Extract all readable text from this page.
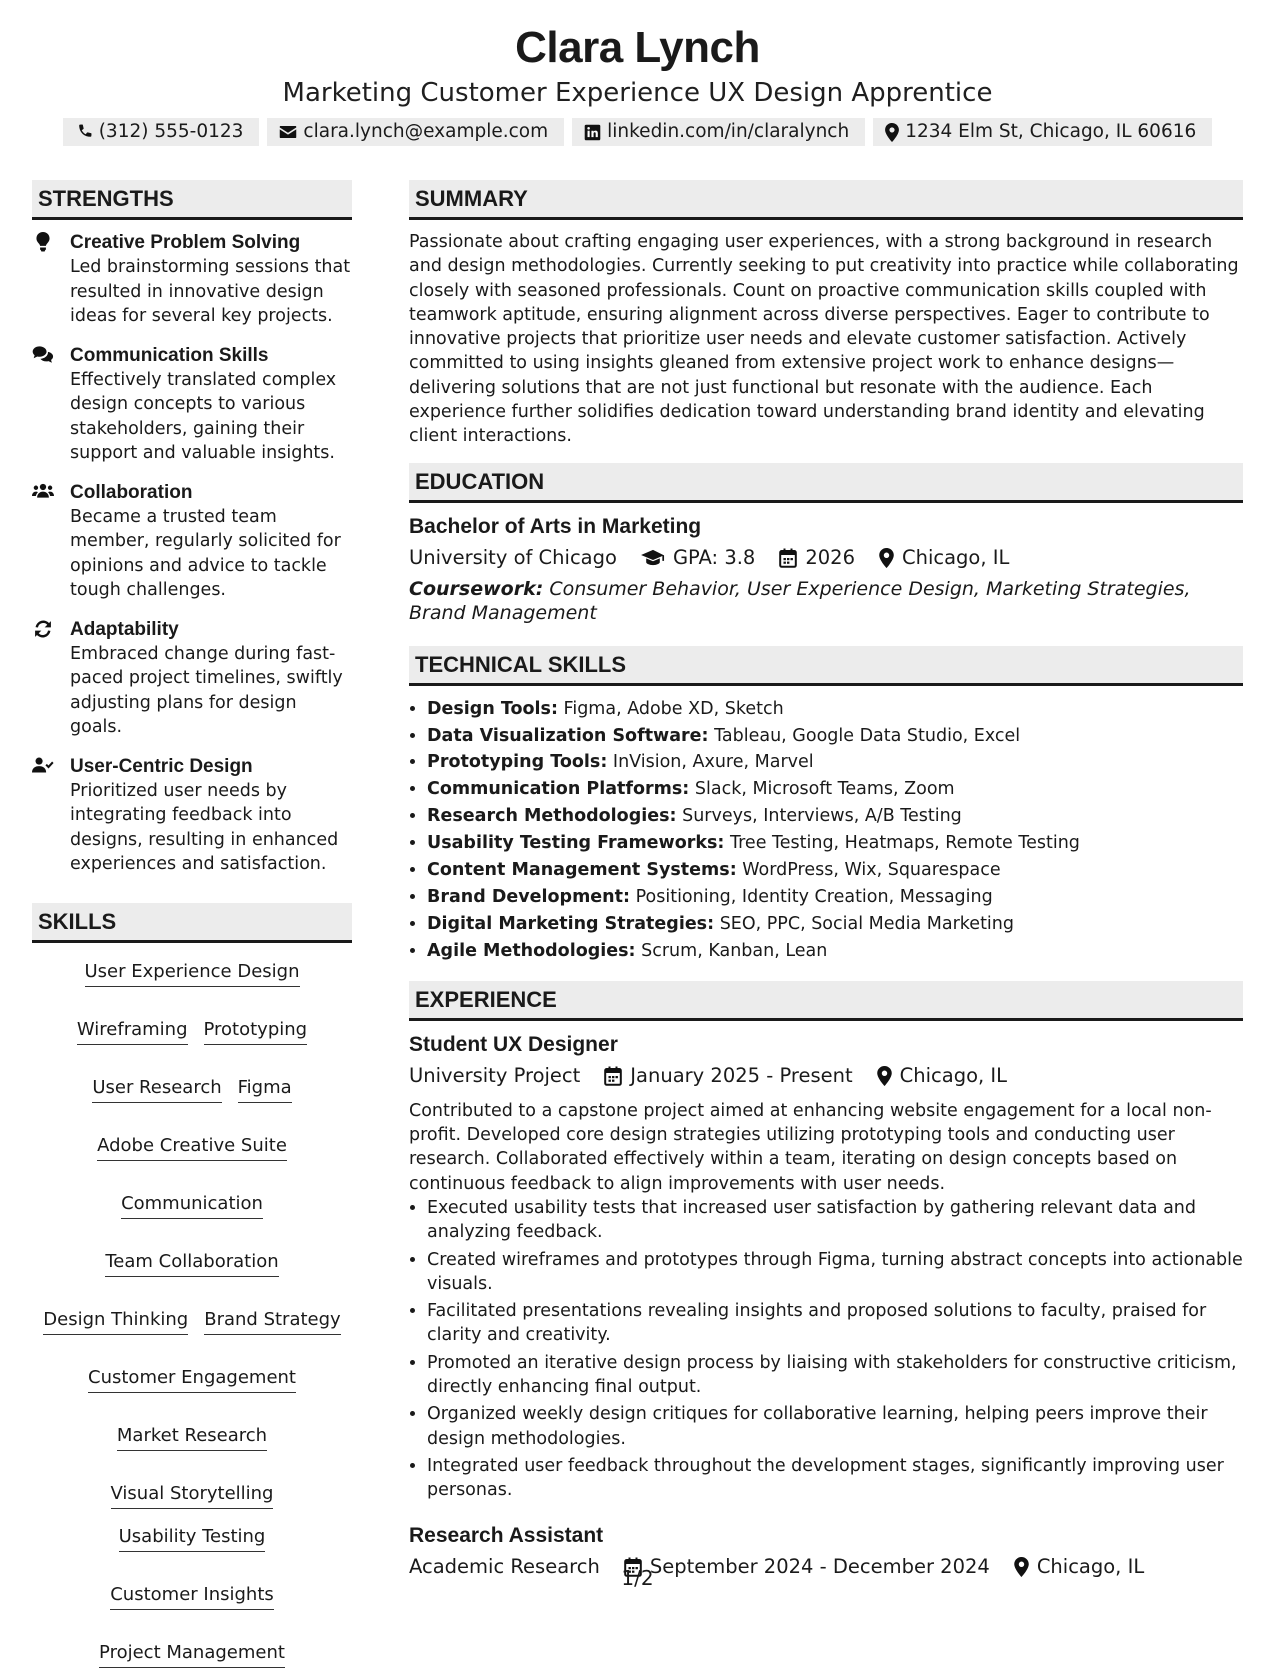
Clara Lynch
Marketing Customer Experience UX Design Apprentice
(312) 555-0123	clara.lynch@example.com	linkedin.com/in/claralynch	1234 Elm St, Chicago, IL 60616
STRENGTHS
Creative Problem Solving
Led brainstorming sessions that resulted in innovative design ideas for several key projects.
Communication Skills
Effectively translated complex design concepts to various stakeholders, gaining their support and valuable insights.
Collaboration
Became a trusted team member, regularly solicited for opinions and advice to tackle tough challenges.
Adaptability
Embraced change during fast-paced project timelines, swiftly adjusting plans for design goals.
User-Centric Design
Prioritized user needs by integrating feedback into designs, resulting in enhanced experiences and satisfaction.
SKILLS
User Experience Design
Wireframing Prototyping
User Research Figma
Adobe Creative Suite
Communication
Team Collaboration
Design Thinking Brand Strategy
Customer Engagement
Market Research
Visual Storytelling
Usability Testing
Customer Insights
Project Management
SUMMARY

Passionate about crafting engaging user experiences, with a strong background in research and design methodologies. Currently seeking to put creativity into practice while collaborating closely with seasoned professionals. Count on proactive communication skills coupled with teamwork aptitude, ensuring alignment across diverse perspectives. Eager to contribute to innovative projects that prioritize user needs and elevate customer satisfaction. Actively committed to using insights gleaned from extensive project work to enhance designs—delivering solutions that are not just functional but resonate with the audience. Each experience further solidifies dedication toward understanding brand identity and elevating client interactions.

EDUCATION
Bachelor of Arts in Marketing
University of Chicago	GPA: 3.8	2026 Chicago, IL
Coursework: Consumer Behavior, User Experience Design, Marketing Strategies, Brand Management
TECHNICAL SKILLS
• Design Tools: Figma, Adobe XD, Sketch
• Data Visualization Software: Tableau, Google Data Studio, Excel
• Prototyping Tools: InVision, Axure, Marvel
• Communication Platforms: Slack, Microsoft Teams, Zoom
• Research Methodologies: Surveys, Interviews, A/B Testing
• Usability Testing Frameworks: Tree Testing, Heatmaps, Remote Testing
• Content Management Systems: WordPress, Wix, Squarespace
• Brand Development: Positioning, Identity Creation, Messaging
• Digital Marketing Strategies: SEO, PPC, Social Media Marketing
• Agile Methodologies: Scrum, Kanban, Lean
EXPERIENCE
Student UX Designer
University Project	January 2025 - Present Chicago, IL
Contributed to a capstone project aimed at enhancing website engagement for a local non-profit. Developed core design strategies utilizing prototyping tools and conducting user research. Collaborated effectively within a team, iterating on design concepts based on continuous feedback to align improvements with user needs.
• Executed usability tests that increased user satisfaction by gathering relevant data and analyzing feedback.
• Created wireframes and prototypes through Figma, turning abstract concepts into actionable visuals.
• Facilitated presentations revealing insights and proposed solutions to faculty, praised for clarity and creativity.
• Promoted an iterative design process by liaising with stakeholders for constructive criticism, directly enhancing final output.
• Organized weekly design critiques for collaborative learning, helping peers improve their design methodologies.
• Integrated user feedback throughout the development stages, significantly improving user personas.
Research Assistant
Academic Research	September 2024 - December 2024 Chicago, IL
1/2
